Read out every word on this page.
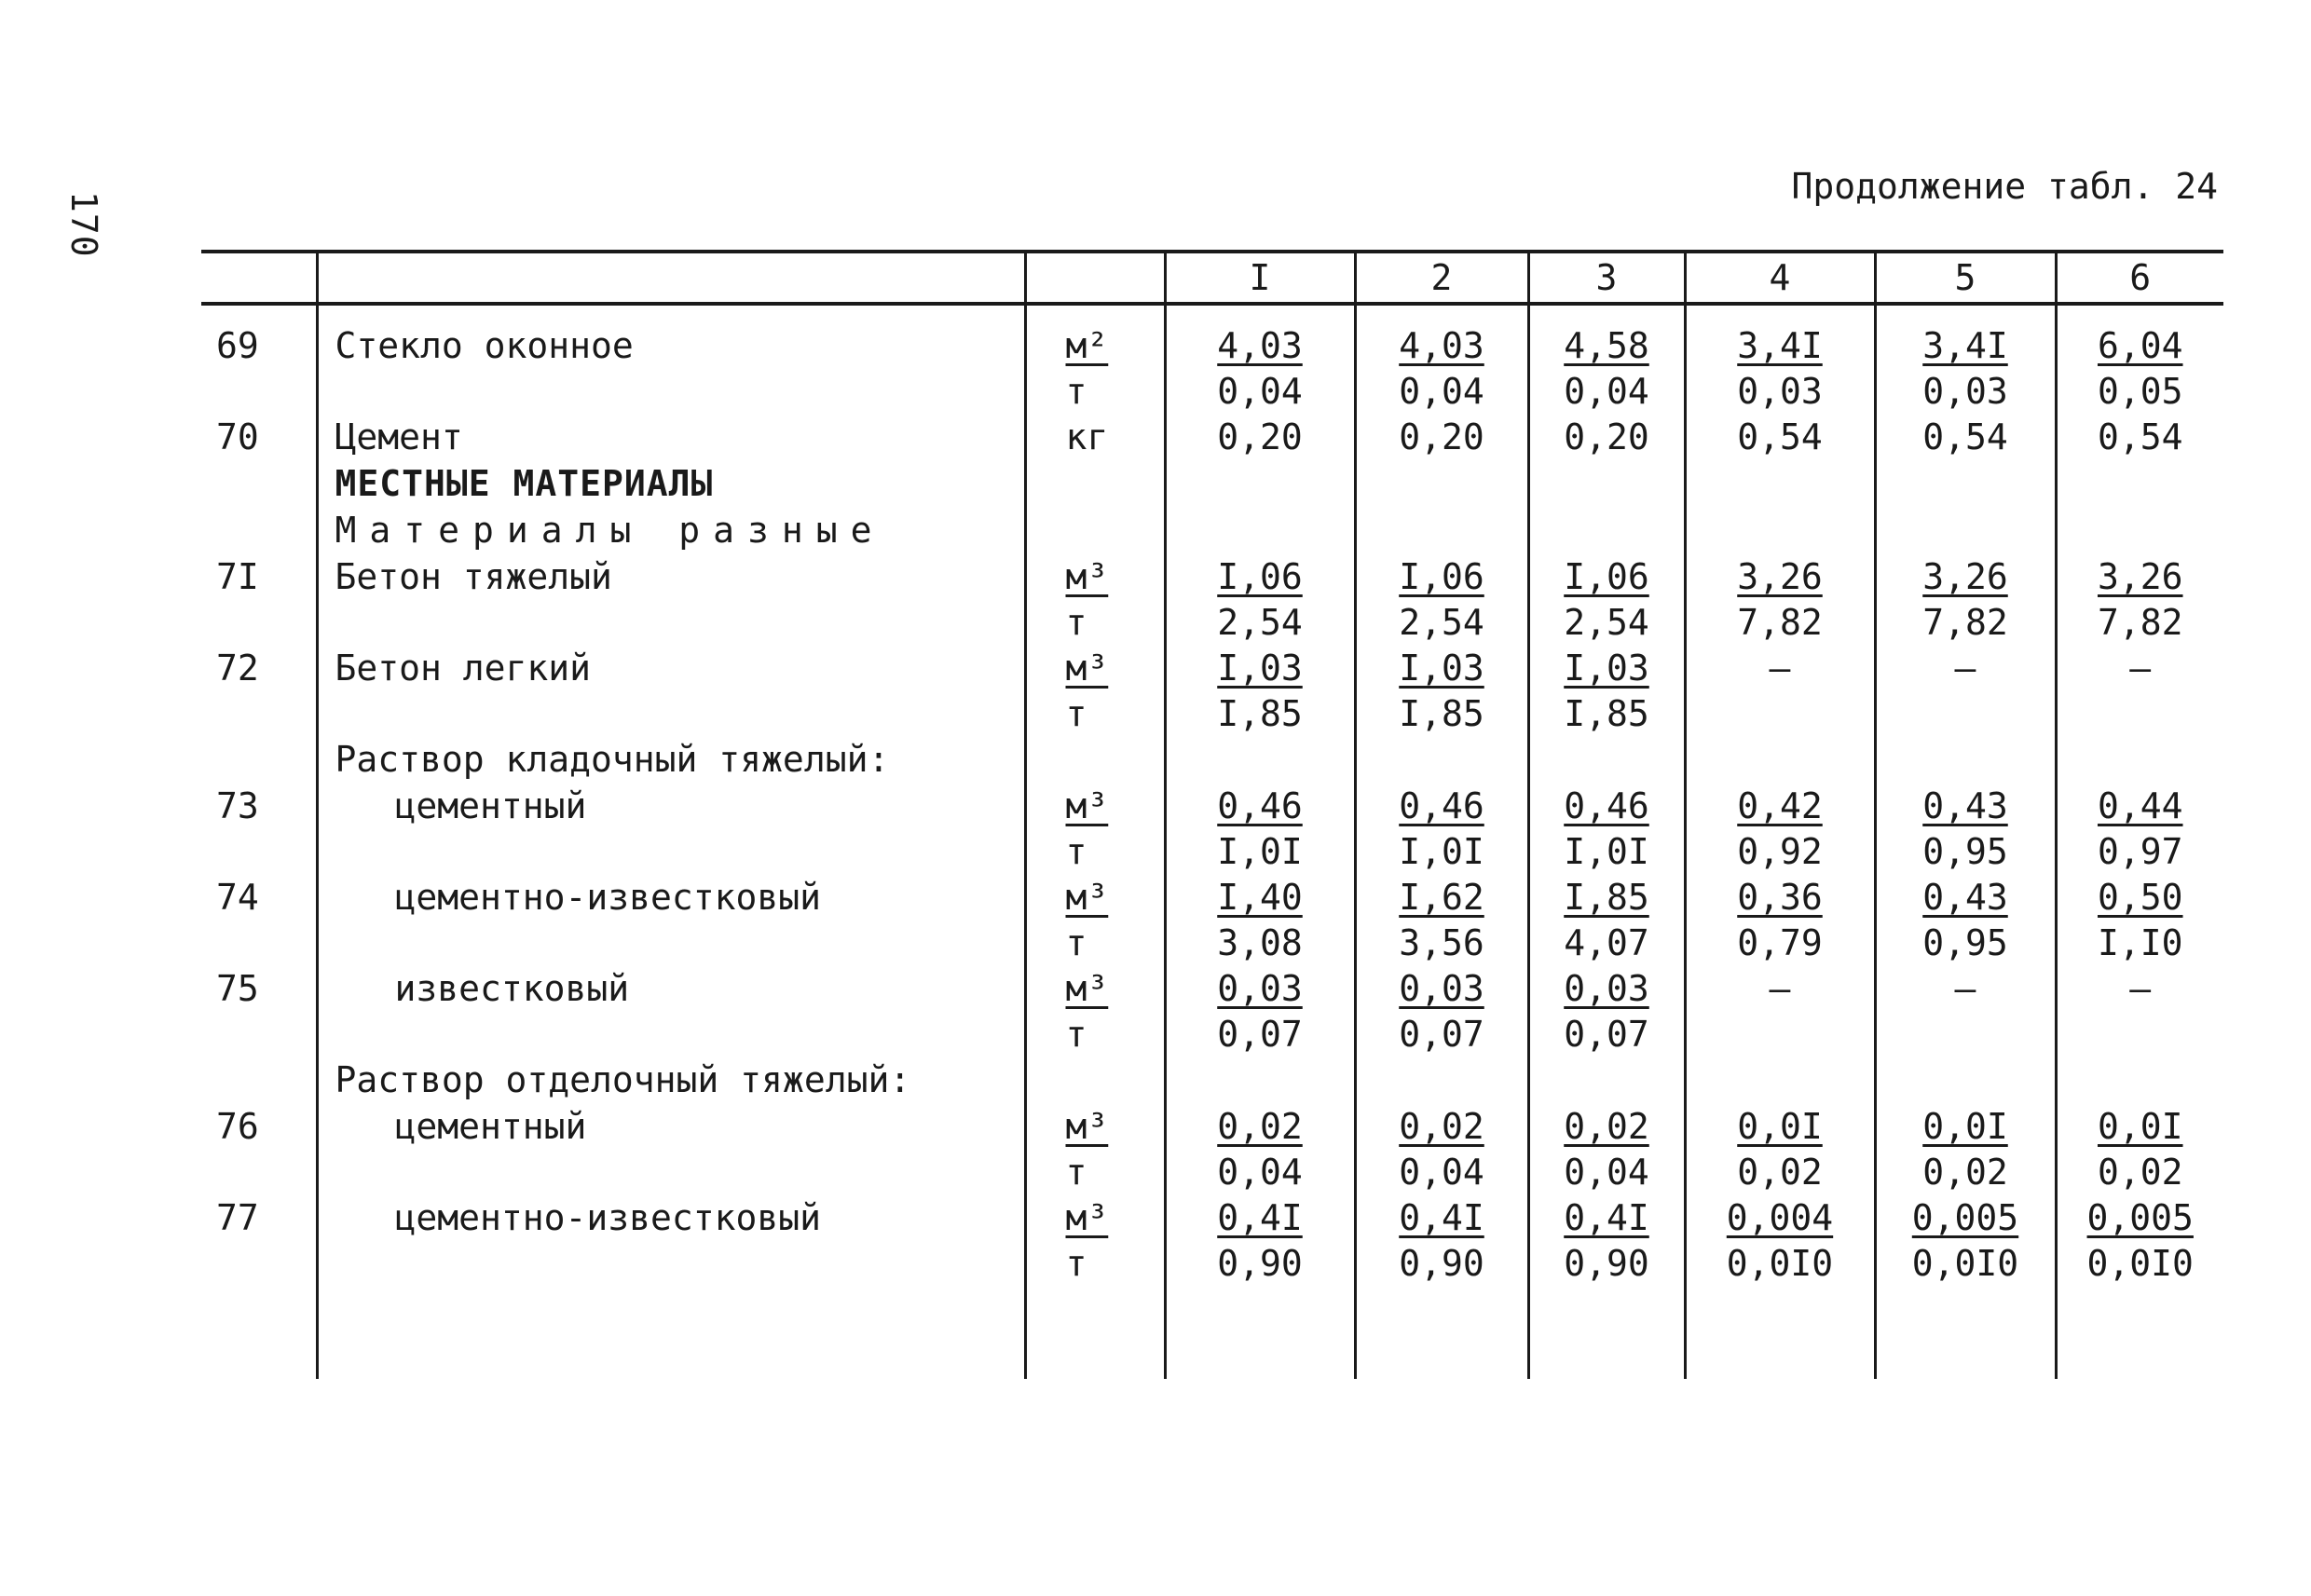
170
Продолжение табл. 24
			I	2	3	4	5	6
69	Стекло оконное	м²	4,03	4,03	4,58	3,4I	3,4I	6,04
		т	0,04	0,04	0,04	0,03	0,03	0,05
70	Цемент	кг	0,20	0,20	0,20	0,54	0,54	0,54
	МЕСТНЫЕ МАТЕРИАЛЫ							
	Материалы разные							
7I	Бетон тяжелый	м³	I,06	I,06	I,06	3,26	3,26	3,26
		т	2,54	2,54	2,54	7,82	7,82	7,82
72	Бетон легкий	м³	I,03	I,03	I,03	–	–	–
		т	I,85	I,85	I,85			
	Раствор кладочный тяжелый:							
73	цементный	м³	0,46	0,46	0,46	0,42	0,43	0,44
		т	I,0I	I,0I	I,0I	0,92	0,95	0,97
74	цементно-известковый	м³	I,40	I,62	I,85	0,36	0,43	0,50
		т	3,08	3,56	4,07	0,79	0,95	I,I0
75	известковый	м³	0,03	0,03	0,03	–	–	–
		т	0,07	0,07	0,07			
	Раствор отделочный тяжелый:							
76	цементный	м³	0,02	0,02	0,02	0,0I	0,0I	0,0I
		т	0,04	0,04	0,04	0,02	0,02	0,02
77	цементно-известковый	м³	0,4I	0,4I	0,4I	0,004	0,005	0,005
		т	0,90	0,90	0,90	0,0I0	0,0I0	0,0I0
